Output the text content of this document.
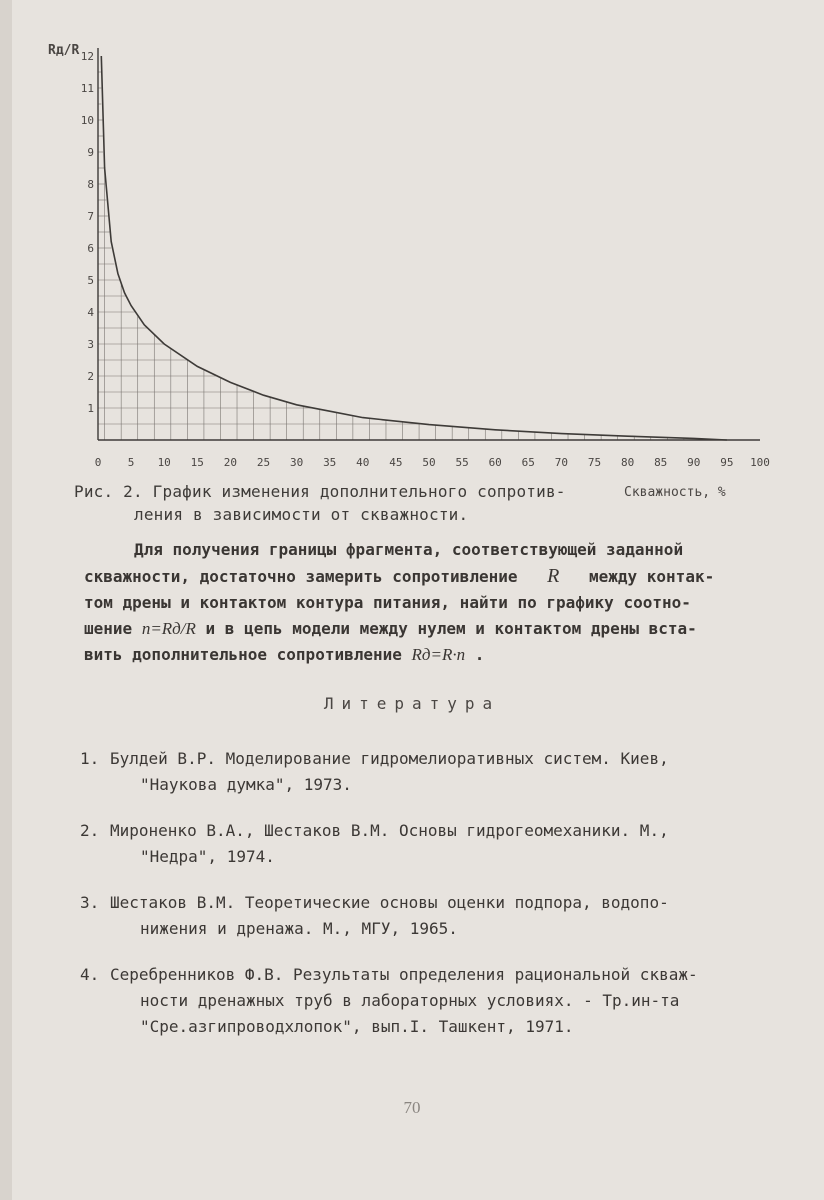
0 5 10 15 20 25 30 35 40 45 50 55 60 65 70 75 80 85 90 95 100
1
2
3
4
5
6
7
8
9
10
11
12
Rд/R
Скважность, %
Рис. 2. График изменения дополнительного сопротив-
ления в зависимости от скважности.

Для получения границы фрагмента, соответствующей заданной

скважности, достаточно замерить сопротивление R между контак-
том дрены и контактом контура питания, найти по графику соотно-
шение n=Rд/R и в цепь модели между нулем и контактом дрены вста-
вить дополнительное сопротивление Rд=R·n .
Литература
1. Булдей В.Р. Моделирование гидромелиоративных систем. Киев,
"Наукова думка", 1973.
2. Мироненко В.А., Шестаков В.М. Основы гидрогеомеханики. М.,
"Недра", 1974.
3. Шестаков В.М. Теоретические основы оценки подпора, водопо-
нижения и дренажа. М., МГУ, 1965.
4. Серебренников Ф.В. Результаты определения рациональной скваж-
ности дренажных труб в лабораторных условиях. - Тр.ин-та
"Сре.азгипроводхлопок", вып.I. Ташкент, 1971.
70
